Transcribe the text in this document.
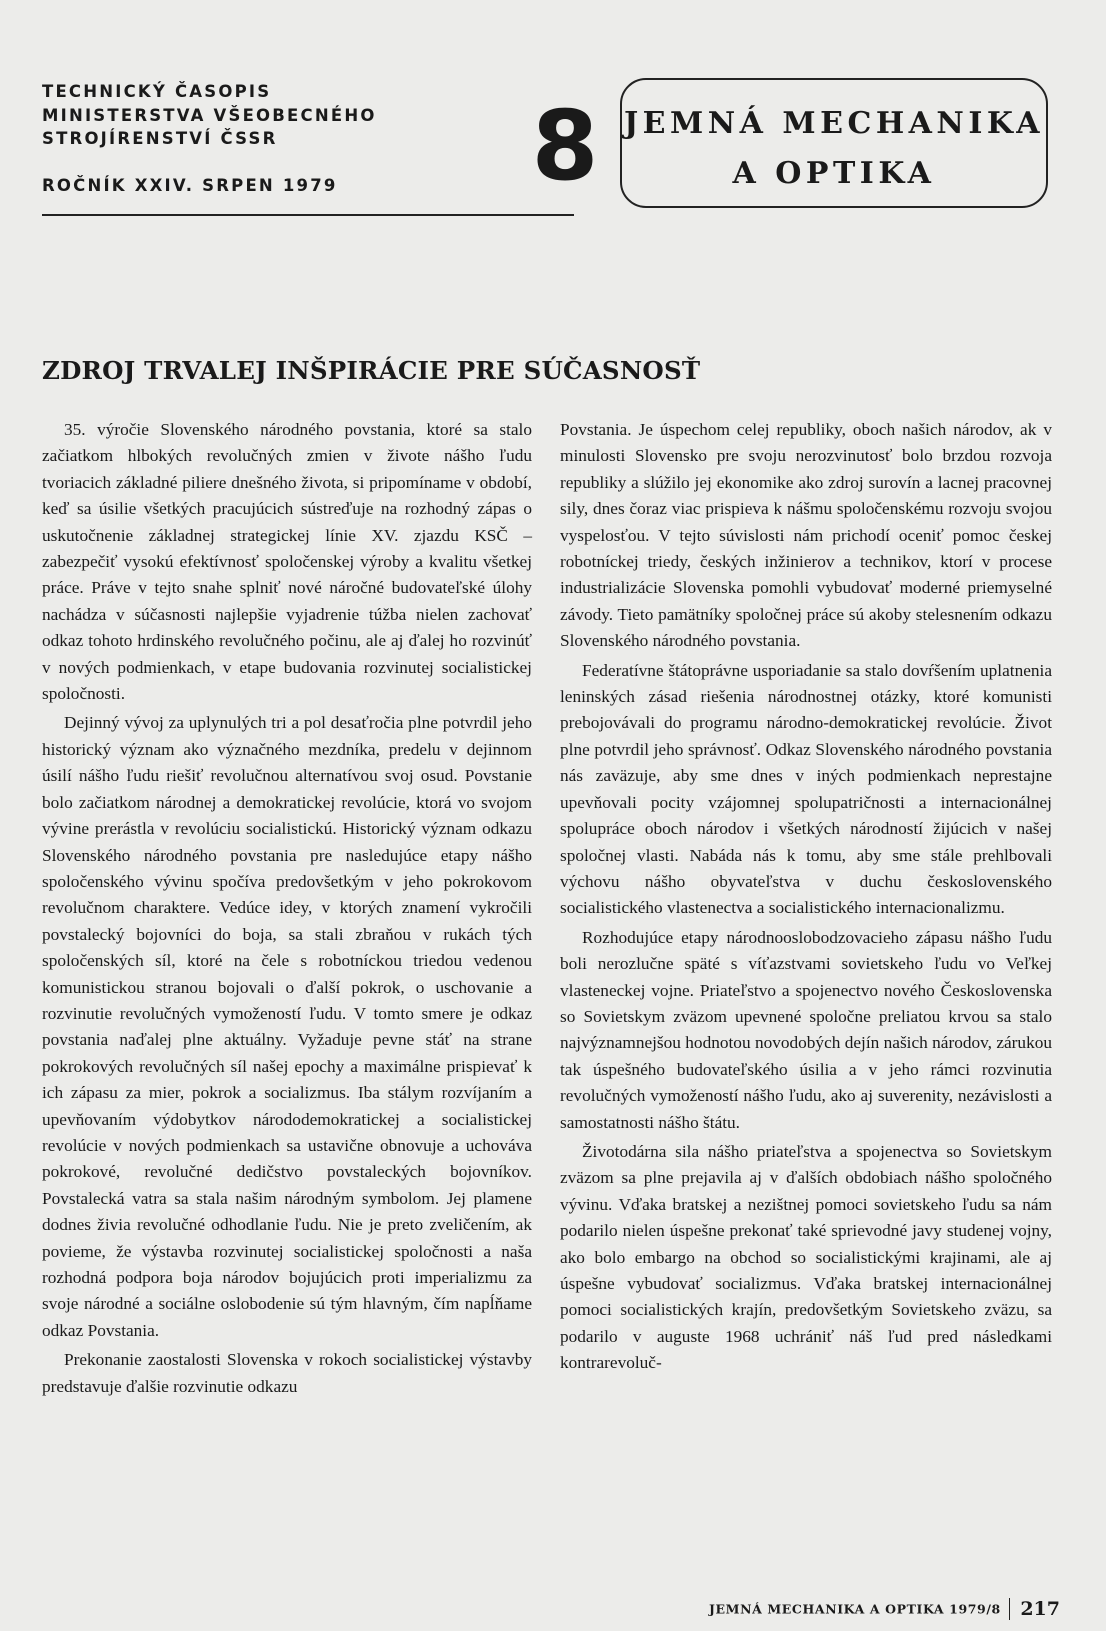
TECHNICKÝ ČASOPIS
MINISTERSTVA VŠEOBECNÉHO
STROJÍRENSTVÍ ČSSR
ROČNÍK XXIV. SRPEN 1979	8 JEMNÁ MECHANIKA
A OPTIKA
ZDROJ TRVALEJ INŠPIRÁCIE PRE SÚČASNOSŤ

35. výročie Slovenského národného povstania, ktoré sa stalo začiatkom hlbokých revolučných zmien v živote nášho ľudu tvoriacich základné piliere dnešného života, si pripomíname v období, keď sa úsilie všetkých pracujúcich sústreďuje na rozhodný zápas o uskutočnenie základnej strategickej línie XV. zjazdu KSČ – zabezpečiť vysokú efektívnosť spoločenskej výroby a kvalitu všetkej práce. Práve v tejto snahe splniť nové náročné budovateľské úlohy nachádza v súčasnosti najlepšie vyjadrenie túžba nielen zachovať odkaz tohoto hrdinského revolučného počinu, ale aj ďalej ho rozvinúť v nových podmienkach, v etape budovania rozvinutej socialistickej spoločnosti.

Dejinný vývoj za uplynulých tri a pol desaťročia plne potvrdil jeho historický význam ako význačného mezdníka, predelu v dejinnom úsilí nášho ľudu riešiť revolučnou alternatívou svoj osud. Povstanie bolo začiatkom národnej a demokratickej revolúcie, ktorá vo svojom vývine prerástla v revolúciu socialistickú. Historický význam odkazu Slovenského národného povstania pre nasledujúce etapy nášho spoločenského vývinu spočíva predovšetkým v jeho pokrokovom revolučnom charaktere. Vedúce idey, v ktorých znamení vykročili povstalecký bojovníci do boja, sa stali zbraňou v rukách tých spoločenských síl, ktoré na čele s robotníckou triedou vedenou komunistickou stranou bojovali o ďalší pokrok, o uschovanie a rozvinutie revolučných vymožeností ľudu. V tomto smere je odkaz povstania naďalej plne aktuálny. Vyžaduje pevne stáť na strane pokrokových revolučných síl našej epochy a maximálne prispievať k ich zápasu za mier, pokrok a socializmus. Iba stálym rozvíjaním a upevňovaním výdobytkov národodemokratickej a socialistickej revolúcie v nových podmienkach sa ustavične obnovuje a uchováva pokrokové, revolučné dedičstvo povstaleckých bojovníkov. Povstalecká vatra sa stala našim národným symbolom. Jej plamene dodnes živia revolučné odhodlanie ľudu. Nie je preto zveličením, ak povieme, že výstavba rozvinutej socialistickej spoločnosti a naša rozhodná podpora boja národov bojujúcich proti imperializmu za svoje národné a sociálne oslobodenie sú tým hlavným, čím napĺňame odkaz Povstania.

Prekonanie zaostalosti Slovenska v rokoch socialistickej výstavby predstavuje ďalšie rozvinutie odkazu

Povstania. Je úspechom celej republiky, oboch našich národov, ak v minulosti Slovensko pre svoju nerozvinutosť bolo brzdou rozvoja republiky a slúžilo jej ekonomike ako zdroj surovín a lacnej pracovnej sily, dnes čoraz viac prispieva k nášmu spoločenskému rozvoju svojou vyspelosťou. V tejto súvislosti nám prichodí oceniť pomoc českej robotníckej triedy, českých inžinierov a technikov, ktorí v procese industrializácie Slovenska pomohli vybudovať moderné priemyselné závody. Tieto pamätníky spoločnej práce sú akoby stelesnením odkazu Slovenského národného povstania.

Federatívne štátoprávne usporiadanie sa stalo dovŕšením uplatnenia leninských zásad riešenia národnostnej otázky, ktoré komunisti prebojovávali do programu národno-demokratickej revolúcie. Život plne potvrdil jeho správnosť. Odkaz Slovenského národného povstania nás zaväzuje, aby sme dnes v iných podmienkach neprestajne upevňovali pocity vzájomnej spolupatričnosti a internacionálnej spolupráce oboch národov i všetkých národností žijúcich v našej spoločnej vlasti. Nabáda nás k tomu, aby sme stále prehlbovali výchovu nášho obyvateľstva v duchu československého socialistického vlastenectva a socialistického internacionalizmu.

Rozhodujúce etapy národnooslobodzovacieho zápasu nášho ľudu boli nerozlučne späté s víťazstvami sovietskeho ľudu vo Veľkej vlasteneckej vojne. Priateľstvo a spojenectvo nového Československa so Sovietskym zväzom upevnené spoločne preliatou krvou sa stalo najvýznamnejšou hodnotou novodobých dejín našich národov, zárukou tak úspešného budovateľského úsilia a v jeho rámci rozvinutia revolučných vymožeností nášho ľudu, ako aj suverenity, nezávislosti a samostatnosti nášho štátu.

Životodárna sila nášho priateľstva a spojenectva so Sovietskym zväzom sa plne prejavila aj v ďalších obdobiach nášho spoločného vývinu. Vďaka bratskej a nezištnej pomoci sovietskeho ľudu sa nám podarilo nielen úspešne prekonať také sprievodné javy studenej vojny, ako bolo embargo na obchod so socialistickými krajinami, ale aj úspešne vybudovať socializmus. Vďaka bratskej internacionálnej pomoci socialistických krajín, predovšetkým Sovietskeho zväzu, sa podarilo v auguste 1968 uchrániť náš ľud pred následkami kontrarevoluč-

JEMNÁ MECHANIKA A OPTIKA 1979/8 217
